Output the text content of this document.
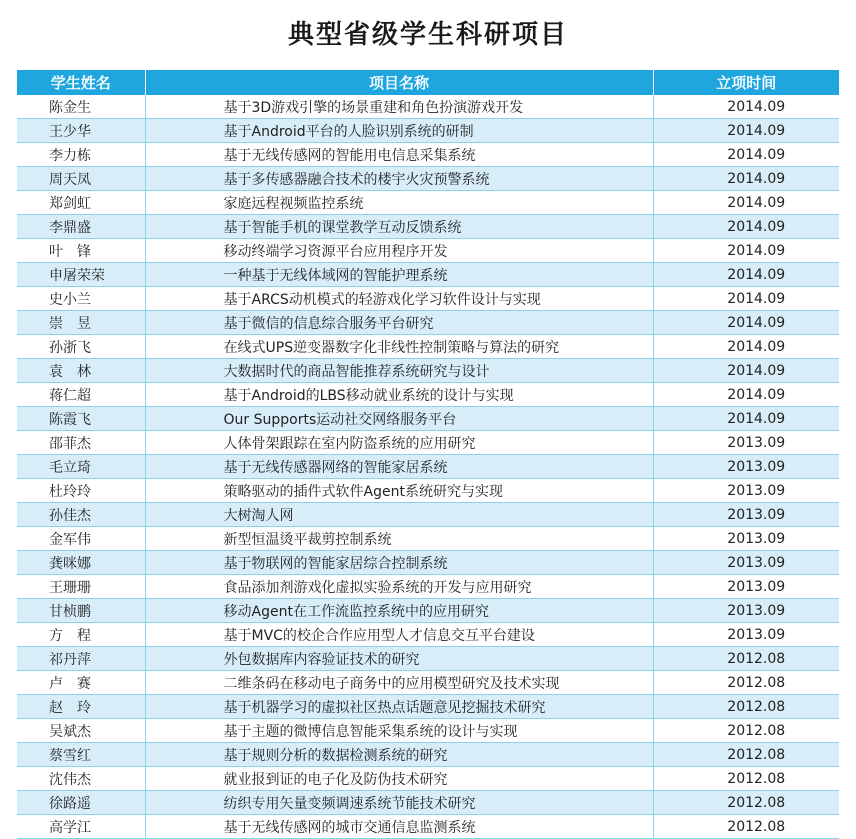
典型省级学生科研项目
学生姓名	项目名称	立项时间
陈金生	基于3D游戏引擎的场景重建和角色扮演游戏开发	2014.09
王少华	基于Android平台的人脸识别系统的研制	2014.09
李力栋	基于无线传感网的智能用电信息采集系统	2014.09
周天凤	基于多传感器融合技术的楼宇火灾预警系统	2014.09
郑剑虹	家庭远程视频监控系统	2014.09
李鼎盛	基于智能手机的课堂教学互动反馈系统	2014.09
叶　锋	移动终端学习资源平台应用程序开发	2014.09
申屠荣荣	一种基于无线体域网的智能护理系统	2014.09
史小兰	基于ARCS动机模式的轻游戏化学习软件设计与实现	2014.09
崇　昱	基于微信的信息综合服务平台研究	2014.09
孙浙飞	在线式UPS逆变器数字化非线性控制策略与算法的研究	2014.09
袁　林	大数据时代的商品智能推荐系统研究与设计	2014.09
蒋仁超	基于Android的LBS移动就业系统的设计与实现	2014.09
陈霞飞	Our Supports运动社交网络服务平台	2014.09
邵菲杰	人体骨架跟踪在室内防盗系统的应用研究	2013.09
毛立琦	基于无线传感器网络的智能家居系统	2013.09
杜玲玲	策略驱动的插件式软件Agent系统研究与实现	2013.09
孙佳杰	大树淘人网	2013.09
金军伟	新型恒温烫平裁剪控制系统	2013.09
龚咪娜	基于物联网的智能家居综合控制系统	2013.09
王珊珊	食品添加剂游戏化虚拟实验系统的开发与应用研究	2013.09
甘桢鹏	移动Agent在工作流监控系统中的应用研究	2013.09
方　程	基于MVC的校企合作应用型人才信息交互平台建设	2013.09
祁丹萍	外包数据库内容验证技术的研究	2012.08
卢　赛	二维条码在移动电子商务中的应用模型研究及技术实现	2012.08
赵　玲	基于机器学习的虚拟社区热点话题意见挖掘技术研究	2012.08
吴斌杰	基于主题的微博信息智能采集系统的设计与实现	2012.08
蔡雪红	基于规则分析的数据检测系统的研究	2012.08
沈伟杰	就业报到证的电子化及防伪技术研究	2012.08
徐路遥	纺织专用矢量变频调速系统节能技术研究	2012.08
高学江	基于无线传感网的城市交通信息监测系统	2012.08
